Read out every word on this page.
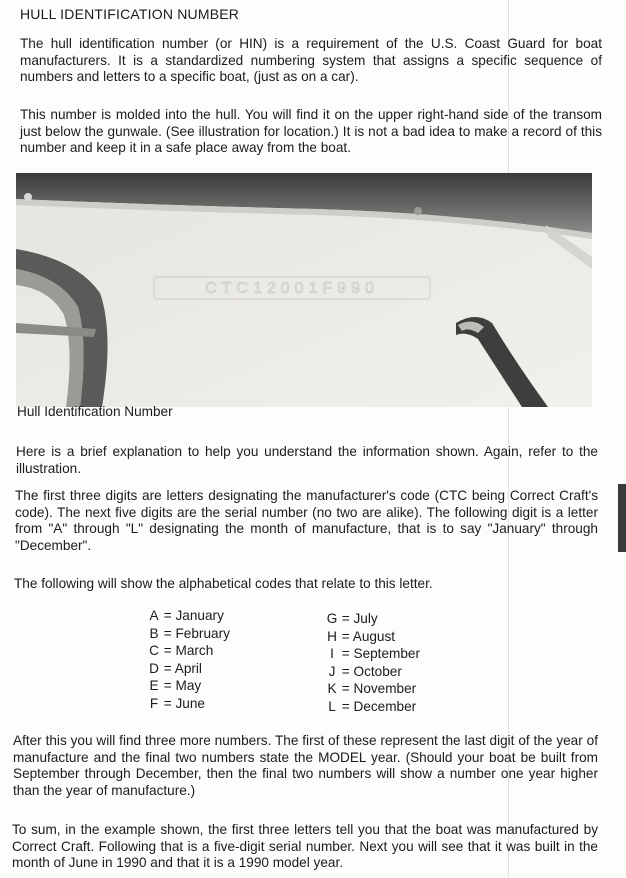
HULL IDENTIFICATION NUMBER

The hull identification number (or HIN) is a requirement of the U.S. Coast Guard for boat manufacturers. It is a standardized numbering system that assigns a specific sequence of numbers and letters to a specific boat, (just as on a car).

This number is molded into the hull. You will find it on the upper right-hand side of the transom just below the gunwale. (See illustration for location.) It is not a bad idea to make a record of this number and keep it in a safe place away from the boat.

CTC12001F990
Hull Identification Number

Here is a brief explanation to help you understand the information shown. Again, refer to the illustration.

The first three digits are letters designating the manufacturer's code (CTC being Correct Craft's code). The next five digits are the serial number (no two are alike). The following digit is a letter from "A" through "L" designating the month of manufacture, that is to say "January" through "December".

The following will show the alphabetical codes that relate to this letter.

A = January
B = February
C = March
D = April
E = May
F = June
G = July
H = August
I = September
J = October
K = November
L = December

After this you will find three more numbers. The first of these represent the last digit of the year of manufacture and the final two numbers state the MODEL year. (Should your boat be built from September through December, then the final two numbers will show a number one year higher than the year of manufacture.)

To sum, in the example shown, the first three letters tell you that the boat was manufactured by Correct Craft. Following that is a five-digit serial number. Next you will see that it was built in the month of June in 1990 and that it is a 1990 model year.
